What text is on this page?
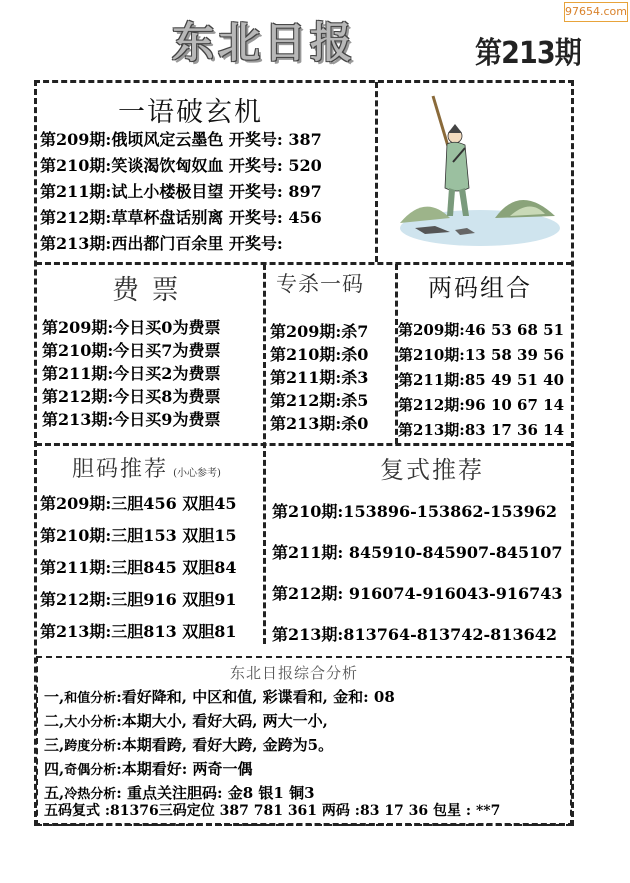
97654.com
东北日报	第213期
一语破玄机
第209期:俄顷风定云墨色 开奖号: 387
第210期:笑谈渴饮匈奴血 开奖号: 520
第211期:试上小楼极目望 开奖号: 897
第212期:草草杯盘话别离 开奖号: 456
第213期:西出都门百余里 开奖号:
费 票
第209期:今日买0为费票
第210期:今日买7为费票
第211期:今日买2为费票
第212期:今日买8为费票
第213期:今日买9为费票
专杀一码
第209期:杀7
第210期:杀0
第211期:杀3
第212期:杀5
第213期:杀0
两码组合
第209期:46 53 68 51
第210期:13 58 39 56
第211期:85 49 51 40
第212期:96 10 67 14
第213期:83 17 36 14
胆码推荐 (小心参考)
第209期:三胆456 双胆45
第210期:三胆153 双胆15
第211期:三胆845 双胆84
第212期:三胆916 双胆91
第213期:三胆813 双胆81
复式推荐
第210期:153896-153862-153962
第211期: 845910-845907-845107
第212期: 916074-916043-916743
第213期:813764-813742-813642
东北日报综合分析
一,和值分析:看好降和, 中区和值, 彩谍看和, 金和: 08
二,大小分析:本期大小, 看好大码, 两大一小,
三,跨度分析:本期看跨, 看好大跨, 金跨为5。
四,奇偶分析:本期看好: 两奇一偶
五,冷热分析: 重点关注胆码: 金8 银1 铜3
五码复式 :81376三码定位 387 781 361 两码 :83 17 36 包星 : **7
